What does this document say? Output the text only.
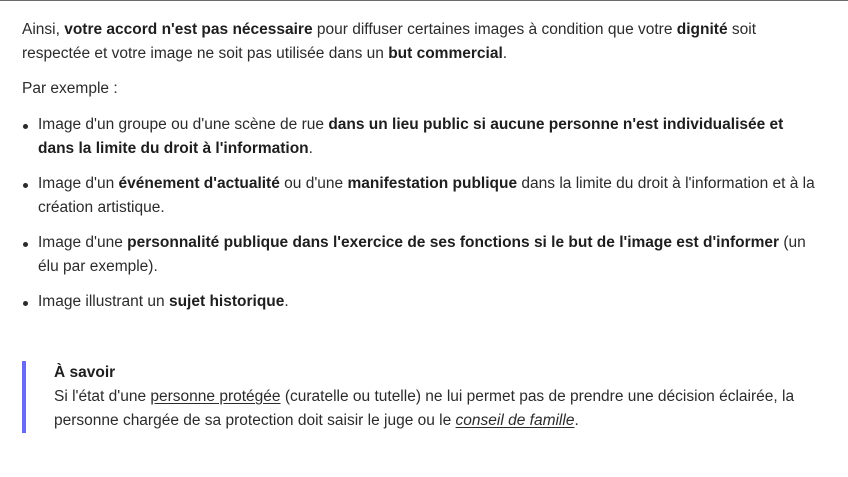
Ainsi, votre accord n'est pas nécessaire pour diffuser certaines images à condition que votre dignité soit respectée et votre image ne soit pas utilisée dans un but commercial.

Par exemple :

Image d'un groupe ou d'une scène de rue dans un lieu public si aucune personne n'est individualisée et dans la limite du droit à l'information.
Image d'un événement d'actualité ou d'une manifestation publique dans la limite du droit à l'information et à la création artistique.
Image d'une personnalité publique dans l'exercice de ses fonctions si le but de l'image est d'informer (un élu par exemple).
Image illustrant un sujet historique.

À savoir

Si l'état d'une personne protégée (curatelle ou tutelle) ne lui permet pas de prendre une décision éclairée, la personne chargée de sa protection doit saisir le juge ou le conseil de famille.
